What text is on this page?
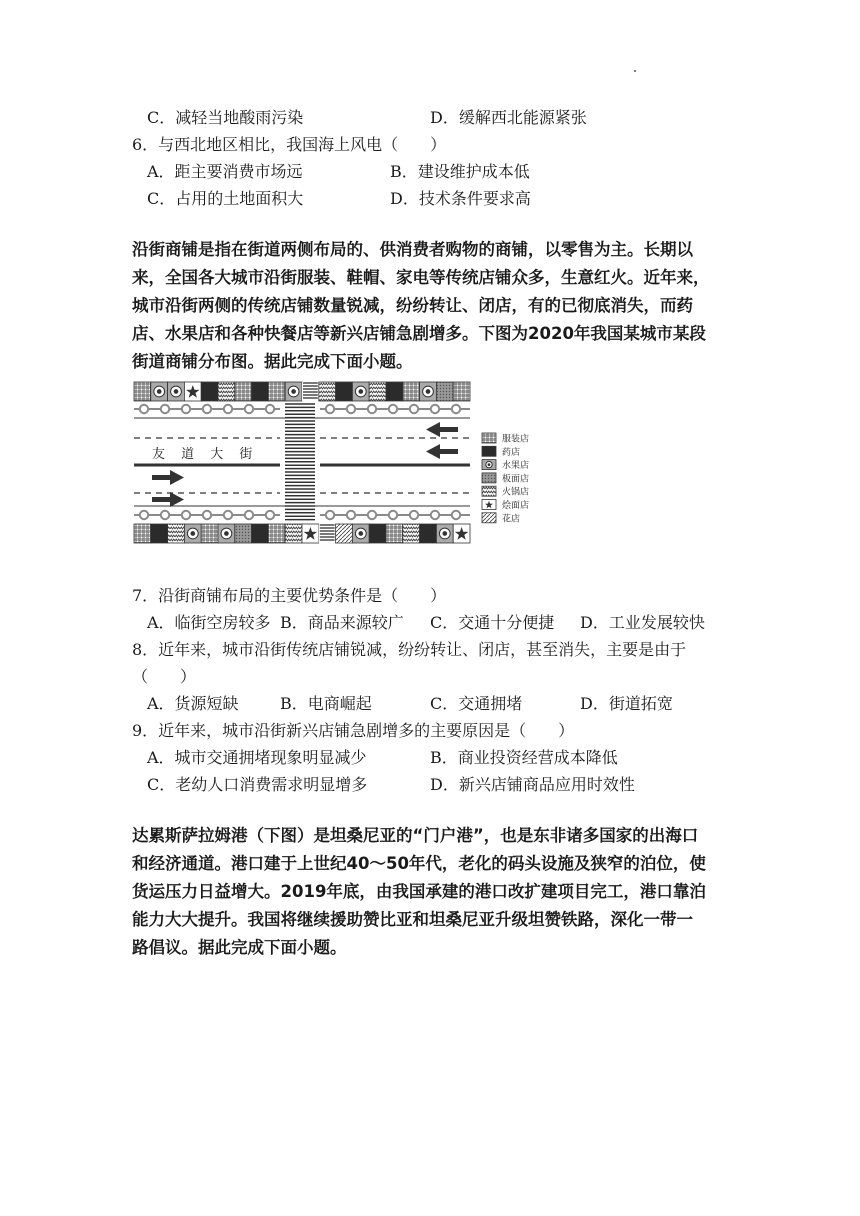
C．减轻当地酸雨污染	D．缓解西北能源紧张
6．与西北地区相比，我国海上风电（　　）
A．距主要消费市场远	B．建设维护成本低
C．占用的土地面积大	D．技术条件要求高
沿街商铺是指在街道两侧布局的、供消费者购物的商铺，以零售为主。长期以
来，全国各大城市沿街服装、鞋帽、家电等传统店铺众多，生意红火。近年来，
城市沿街两侧的传统店铺数量锐减，纷纷转让、闭店，有的已彻底消失，而药
店、水果店和各种快餐店等新兴店铺急剧增多。下图为2020年我国某城市某段
街道商铺分布图。据此完成下面小题。
友 道 大 街
服装店
药店
水果店
板面店
火锅店
烩面店
花店
7．沿街商铺布局的主要优势条件是（　　）
A．临街空房较多 B．商品来源较广 C．交通十分便捷 D．工业发展较快
8．近年来，城市沿街传统店铺锐减，纷纷转让、闭店，甚至消失，主要是由于
（　　）
A．货源短缺	B．电商崛起	C．交通拥堵	D．街道拓宽
9．近年来，城市沿街新兴店铺急剧增多的主要原因是（　　）
A．城市交通拥堵现象明显减少	B．商业投资经营成本降低
C．老幼人口消费需求明显增多	D．新兴店铺商品应用时效性
达累斯萨拉姆港（下图）是坦桑尼亚的“门户港”，也是东非诸多国家的出海口
和经济通道。港口建于上世纪40～50年代，老化的码头设施及狭窄的泊位，使
货运压力日益增大。2019年底，由我国承建的港口改扩建项目完工，港口靠泊
能力大大提升。我国将继续援助赞比亚和坦桑尼亚升级坦赞铁路，深化一带一
路倡议。据此完成下面小题。
